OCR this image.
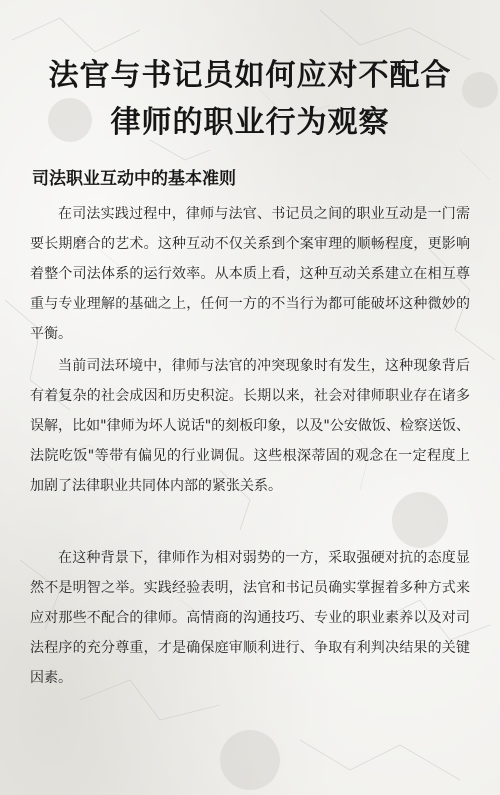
法官与书记员如何应对不配合
律师的职业行为观察
司法职业互动中的基本准则

在司法实践过程中，律师与法官、书记员之间的职业互动是一门需要长期磨合的艺术。这种互动不仅关系到个案审理的顺畅程度，更影响着整个司法体系的运行效率。从本质上看，这种互动关系建立在相互尊重与专业理解的基础之上，任何一方的不当行为都可能破坏这种微妙的平衡。

当前司法环境中，律师与法官的冲突现象时有发生，这种现象背后有着复杂的社会成因和历史积淀。长期以来，社会对律师职业存在诸多误解，比如"律师为坏人说话"的刻板印象，以及"公安做饭、检察送饭、法院吃饭"等带有偏见的行业调侃。这些根深蒂固的观念在一定程度上加剧了法律职业共同体内部的紧张关系。

在这种背景下，律师作为相对弱势的一方，采取强硬对抗的态度显然不是明智之举。实践经验表明，法官和书记员确实掌握着多种方式来应对那些不配合的律师。高情商的沟通技巧、专业的职业素养以及对司法程序的充分尊重，才是确保庭审顺利进行、争取有利判决结果的关键因素。
